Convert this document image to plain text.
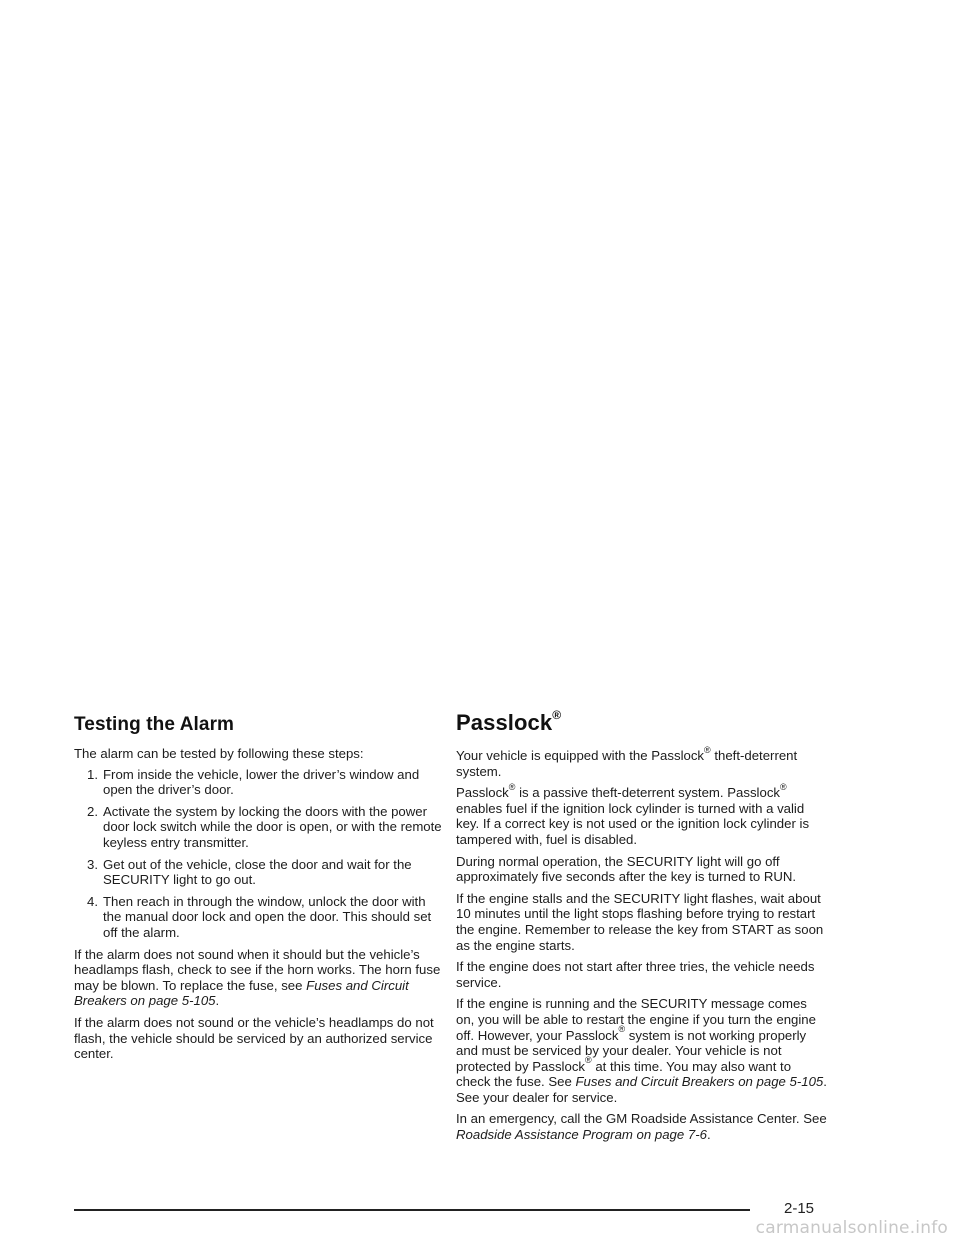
Testing the Alarm

The alarm can be tested by following these steps:

1. From inside the vehicle, lower the driver’s window and open the driver’s door.
2. Activate the system by locking the doors with the power door lock switch while the door is open, or with the remote keyless entry transmitter.
3. Get out of the vehicle, close the door and wait for the SECURITY light to go out.
4. Then reach in through the window, unlock the door with the manual door lock and open the door. This should set off the alarm.

If the alarm does not sound when it should but the vehicle’s headlamps flash, check to see if the horn works. The horn fuse may be blown. To replace the fuse, see Fuses and Circuit Breakers on page 5-105.

If the alarm does not sound or the vehicle’s headlamps do not flash, the vehicle should be serviced by an authorized service center.

Passlock®

Your vehicle is equipped with the Passlock® theft-deterrent system.

Passlock® is a passive theft-deterrent system. Passlock® enables fuel if the ignition lock cylinder is turned with a valid key. If a correct key is not used or the ignition lock cylinder is tampered with, fuel is disabled.

During normal operation, the SECURITY light will go off approximately five seconds after the key is turned to RUN.

If the engine stalls and the SECURITY light flashes, wait about 10 minutes until the light stops flashing before trying to restart the engine. Remember to release the key from START as soon as the engine starts.

If the engine does not start after three tries, the vehicle needs service.

If the engine is running and the SECURITY message comes on, you will be able to restart the engine if you turn the engine off. However, your Passlock® system is not working properly and must be serviced by your dealer. Your vehicle is not protected by Passlock® at this time. You may also want to check the fuse. See Fuses and Circuit Breakers on page 5-105. See your dealer for service.

In an emergency, call the GM Roadside Assistance Center. See Roadside Assistance Program on page 7-6.

2-15
carmanualsonline.info
